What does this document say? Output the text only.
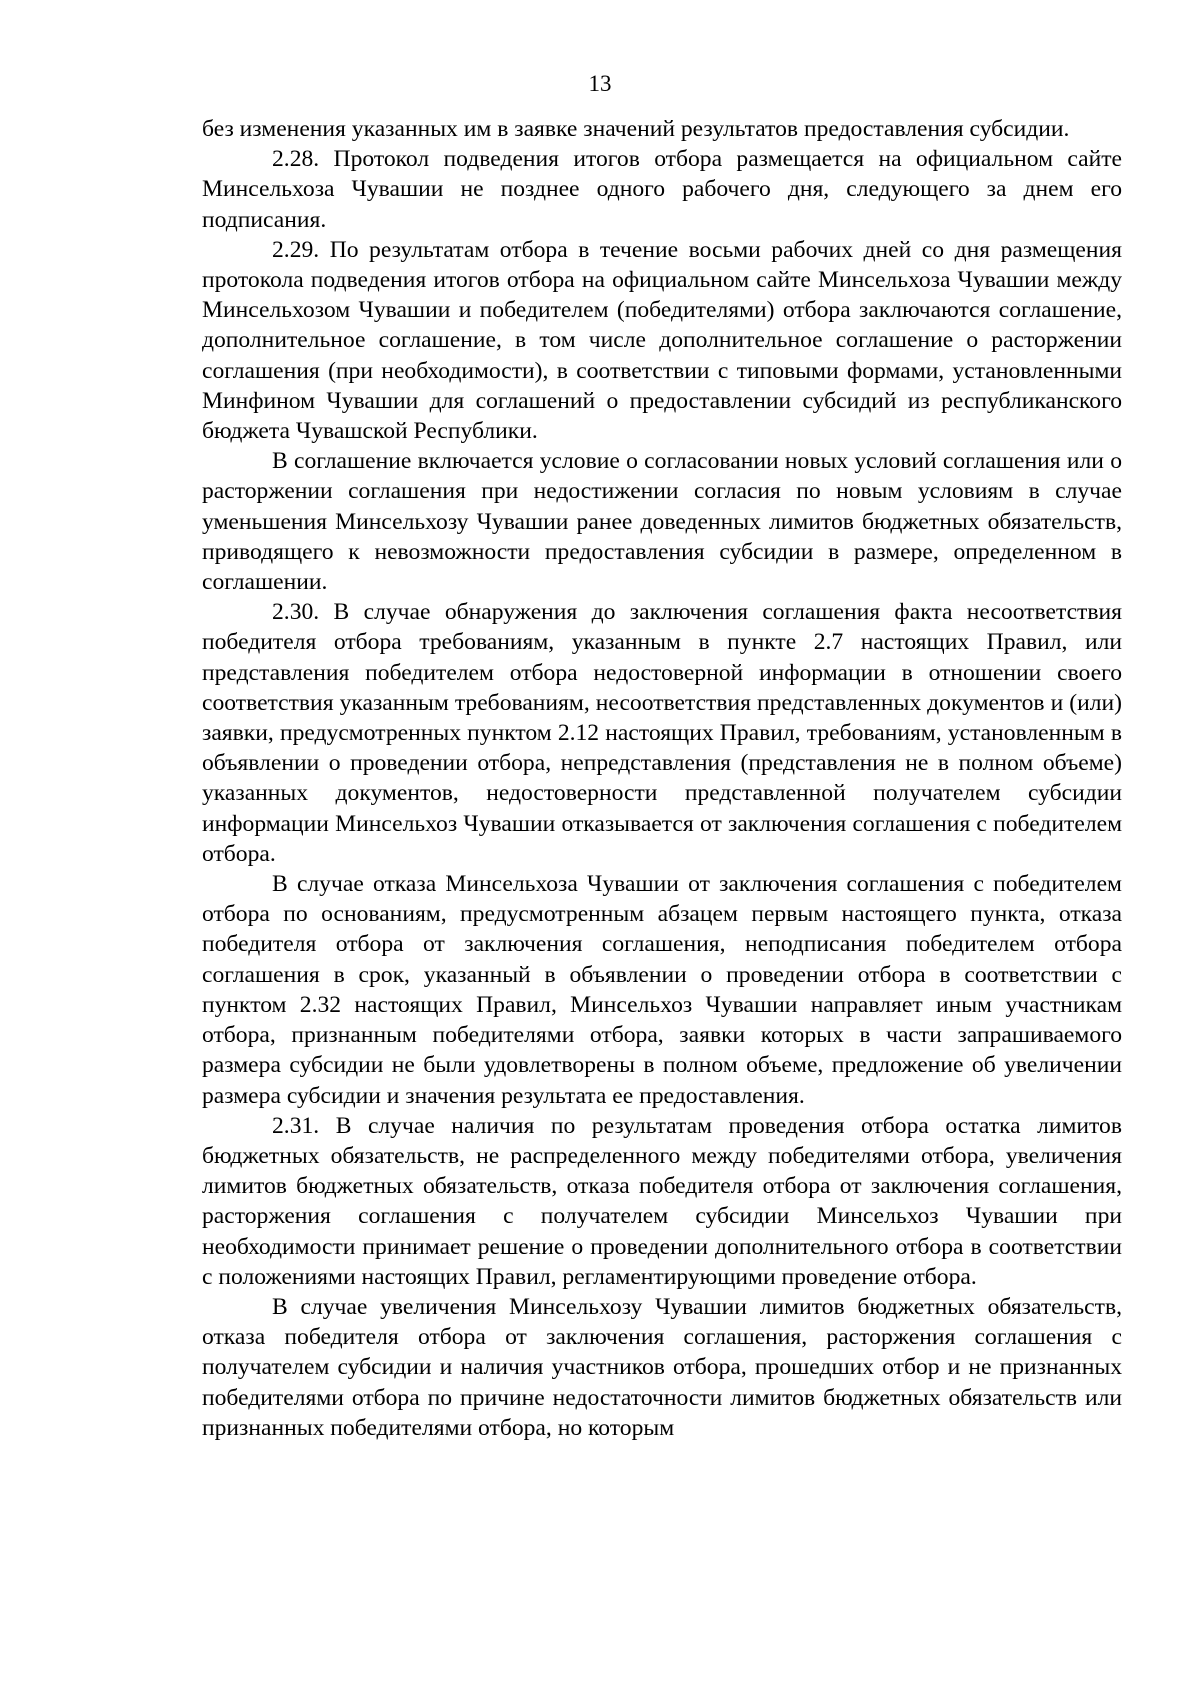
13

без изменения указанных им в заявке значений результатов предоставления субсидии.

2.28. Протокол подведения итогов отбора размещается на официальном сайте Минсельхоза Чувашии не позднее одного рабочего дня, следующего за днем его подписания.

2.29. По результатам отбора в течение восьми рабочих дней со дня размещения протокола подведения итогов отбора на официальном сайте Минсельхоза Чувашии между Минсельхозом Чувашии и победителем (победителями) отбора заключаются соглашение, дополнительное соглашение, в том числе дополнительное соглашение о расторжении соглашения (при необходимости), в соответствии с типовыми формами, установленными Минфином Чувашии для соглашений о предоставлении субсидий из республиканского бюджета Чувашской Республики.

В соглашение включается условие о согласовании новых условий соглашения или о расторжении соглашения при недостижении согласия по новым условиям в случае уменьшения Минсельхозу Чувашии ранее доведенных лимитов бюджетных обязательств, приводящего к невозможности предоставления субсидии в размере, определенном в соглашении.

2.30. В случае обнаружения до заключения соглашения факта несоответствия победителя отбора требованиям, указанным в пункте 2.7 настоящих Правил, или представления победителем отбора недостоверной информации в отношении своего соответствия указанным требованиям, несоответствия представленных документов и (или) заявки, предусмотренных пунктом 2.12 настоящих Правил, требованиям, установленным в объявлении о проведении отбора, непредставления (представления не в полном объеме) указанных документов, недостоверности представленной получателем субсидии информации Минсельхоз Чувашии отказывается от заключения соглашения с победителем отбора.

В случае отказа Минсельхоза Чувашии от заключения соглашения с победителем отбора по основаниям, предусмотренным абзацем первым настоящего пункта, отказа победителя отбора от заключения соглашения, неподписания победителем отбора соглашения в срок, указанный в объявлении о проведении отбора в соответствии с пунктом 2.32 настоящих Правил, Минсельхоз Чувашии направляет иным участникам отбора, признанным победителями отбора, заявки которых в части запрашиваемого размера субсидии не были удовлетворены в полном объеме, предложение об увеличении размера субсидии и значения результата ее предоставления.

2.31. В случае наличия по результатам проведения отбора остатка лимитов бюджетных обязательств, не распределенного между победителями отбора, увеличения лимитов бюджетных обязательств, отказа победителя отбора от заключения соглашения, расторжения соглашения с получателем субсидии Минсельхоз Чувашии при необходимости принимает решение о проведении дополнительного отбора в соответствии с положениями настоящих Правил, регламентирующими проведение отбора.

В случае увеличения Минсельхозу Чувашии лимитов бюджетных обязательств, отказа победителя отбора от заключения соглашения, расторжения соглашения с получателем субсидии и наличия участников отбора, прошедших отбор и не признанных победителями отбора по причине недостаточности лимитов бюджетных обязательств или признанных победителями отбора, но которым
